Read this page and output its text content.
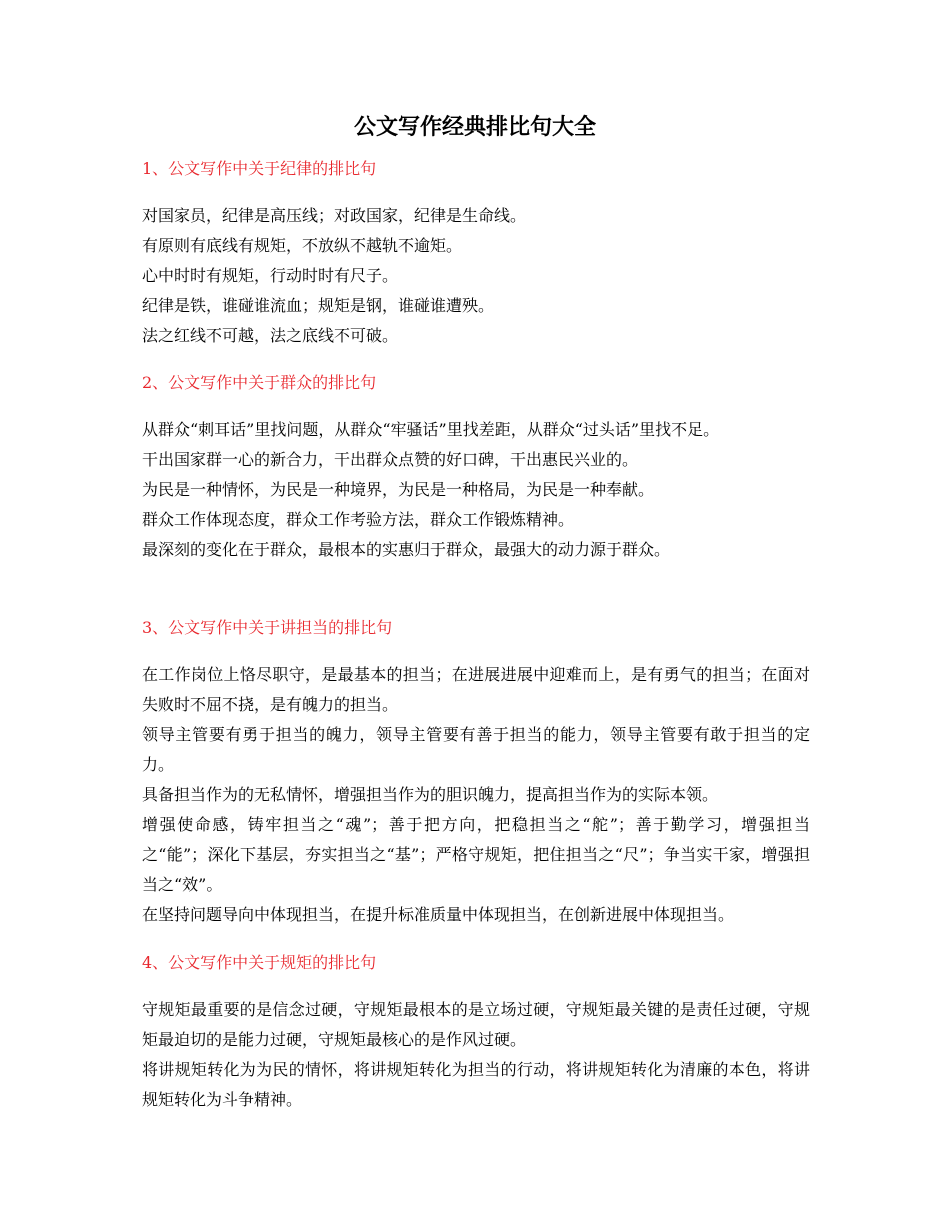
公文写作经典排比句大全
1、公文写作中关于纪律的排比句

对国家员，纪律是高压线；对政国家，纪律是生命线。

有原则有底线有规矩，不放纵不越轨不逾矩。

心中时时有规矩，行动时时有尺子。

纪律是铁，谁碰谁流血；规矩是钢，谁碰谁遭殃。

法之红线不可越，法之底线不可破。

2、公文写作中关于群众的排比句

从群众“刺耳话”里找问题，从群众“牢骚话”里找差距，从群众“过头话”里找不足。

干出国家群一心的新合力，干出群众点赞的好口碑，干出惠民兴业的。

为民是一种情怀，为民是一种境界，为民是一种格局，为民是一种奉献。

群众工作体现态度，群众工作考验方法，群众工作锻炼精神。

最深刻的变化在于群众，最根本的实惠归于群众，最强大的动力源于群众。

3、公文写作中关于讲担当的排比句

在工作岗位上恪尽职守，是最基本的担当；在进展进展中迎难而上，是有勇气的担当；在面对失败时不屈不挠，是有魄力的担当。

领导主管要有勇于担当的魄力，领导主管要有善于担当的能力，领导主管要有敢于担当的定力。

具备担当作为的无私情怀，增强担当作为的胆识魄力，提高担当作为的实际本领。

增强使命感，铸牢担当之“魂”；善于把方向，把稳担当之“舵”；善于勤学习，增强担当之“能”；深化下基层，夯实担当之“基”；严格守规矩，把住担当之“尺”；争当实干家，增强担当之“效”。

在坚持问题导向中体现担当，在提升标准质量中体现担当，在创新进展中体现担当。

4、公文写作中关于规矩的排比句

守规矩最重要的是信念过硬，守规矩最根本的是立场过硬，守规矩最关键的是责任过硬，守规矩最迫切的是能力过硬，守规矩最核心的是作风过硬。

将讲规矩转化为为民的情怀，将讲规矩转化为担当的行动，将讲规矩转化为清廉的本色，将讲规矩转化为斗争精神。
